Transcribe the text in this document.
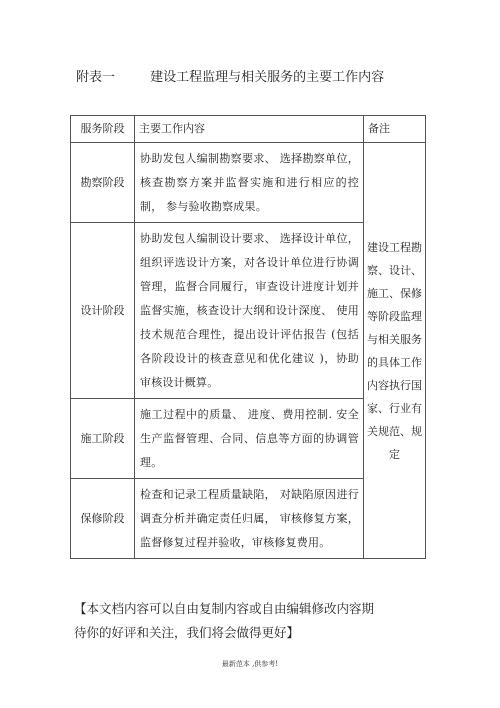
附表一	建设工程监理与相关服务的主要工作内容
服务阶段	主要工作内容	备注
勘察阶段	协助发包人编制勘察要求、 选择勘察单位， 核查勘察方案并监督实施和进行相应的控制， 参与验收勘察成果。	建设工程勘察、设计、施工、保修等阶段监理与相关服务的具体工作内容执行国家、行业有关规范、规定
设计阶段	协助发包人编制设计要求、 选择设计单位， 组织评选设计方案，对各设计单位进行协调管理，监督合同履行，审查设计进度计划并监督实施，核查设计大纲和设计深度、 使用技术规范合理性，提出设计评估报告 (包括各阶段设计的核查意见和优化建议 )，协助审核设计概算。	
施工阶段	施工过程中的质量、 进度、费用控制. 安全生产监督管理、合同、信息等方面的协调管理。	
保修阶段	检查和记录工程质量缺陷， 对缺陷原因进行调查分析并确定责任归属， 审核修复方案，监督修复过程并验收，审核修复费用。	
【本文档内容可以自由复制内容或自由编辑修改内容期待你的好评和关注，我们将会做得更好】
最新范本 ,供参考!
